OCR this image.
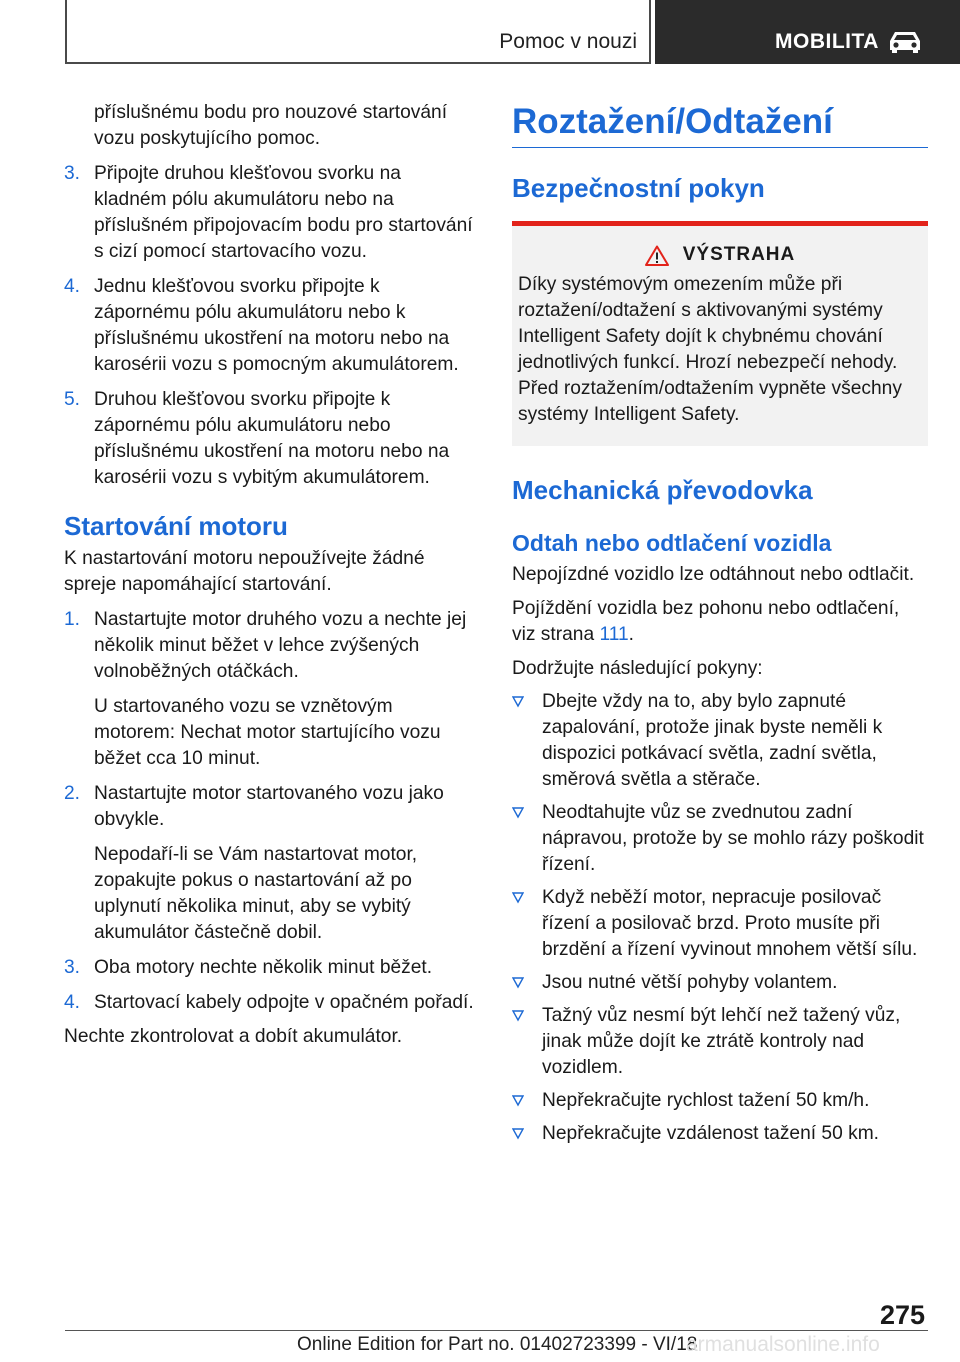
Pomoc v nouzi	MOBILITA

příslušnému bodu pro nouzové startování vozu poskytujícího pomoc.

3. Připojte druhou klešťovou svorku na kladném pólu akumulátoru nebo na příslušném připojovacím bodu pro startování s cizí pomocí startovacího vozu.
4. Jednu klešťovou svorku připojte k zápornému pólu akumulátoru nebo k příslušnému ukostření na motoru nebo na karosérii vozu s pomocným akumulátorem.
5. Druhou klešťovou svorku připojte k zápornému pólu akumulátoru nebo příslušnému ukostření na motoru nebo na karosérii vozu s vybitým akumulátorem.
Startování motoru

K nastartování motoru nepoužívejte žádné spreje napomáhající startování.

1. Nastartujte motor druhého vozu a nechte jej několik minut běžet v lehce zvýšených volnoběžných otáčkách.
U startovaného vozu se vznětovým motorem: Nechat motor startujícího vozu běžet cca 10 minut.
2. Nastartujte motor startovaného vozu jako obvykle.
Nepodaří-li se Vám nastartovat motor, zopakujte pokus o nastartování až po uplynutí několika minut, aby se vybitý akumulátor částečně dobil.
3. Oba motory nechte několik minut běžet.
4. Startovací kabely odpojte v opačném pořadí.

Nechte zkontrolovat a dobít akumulátor.

Roztažení/Odtažení
Bezpečnostní pokyn
VÝSTRAHA

Díky systémovým omezením může při roztažení/odtažení s aktivovanými systémy Intelligent Safety dojít k chybnému chování jednotlivých funkcí. Hrozí nebezpečí nehody. Před roztažením/odtažením vypněte všechny systémy Intelligent Safety.

Mechanická převodovka
Odtah nebo odtlačení vozidla

Nepojízdné vozidlo lze odtáhnout nebo odtlačit.

Pojíždění vozidla bez pohonu nebo odtlačení, viz strana 111.

Dodržujte následující pokyny:

Dbejte vždy na to, aby bylo zapnuté zapalování, protože jinak byste neměli k dispozici potkávací světla, zadní světla, směrová světla a stěrače.
Neodtahujte vůz se zvednutou zadní nápravou, protože by se mohlo rázy poškodit řízení.
Když neběží motor, nepracuje posilovač řízení a posilovač brzd. Proto musíte při brzdění a řízení vyvinout mnohem větší sílu.
Jsou nutné větší pohyby volantem.
Tažný vůz nesmí být lehčí než tažený vůz, jinak může dojít ke ztrátě kontroly nad vozidlem.
Nepřekračujte rychlost tažení 50 km/h.
Nepřekračujte vzdálenost tažení 50 km.
275
Online Edition for Part no. 01402723399 - VI/18
armanualsonline.info
